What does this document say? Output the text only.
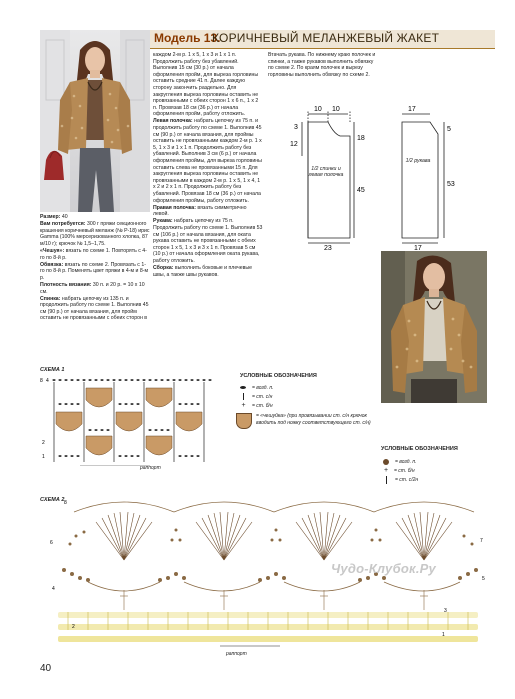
Модель 13.
КОРИЧНЕВЫЙ МЕЛАНЖЕВЫЙ ЖАКЕТ

Размер: 40

Вам потребуется: 300 г пряжи секционного крашения коричневый меланж (№ Р-18) ирис Gamma (100% мерсеризованного хлопка, 87 м/10 г); крючок № 1,5–1,75.

«Чешуя»: вязать по схеме 1. Повторять с 4-го по 8-й р.

Обвязка: вязать по схеме 2. Провязать с 1-го по 8-й р. Поменять цвет пряжи в 4-м и 8-м р.

Плотность вязания: 30 п. и 20 р. = 10 х 10 см.

Спинка: набрать цепочку из 135 п. и продолжить работу по схеме 1. Выполнив 45 см (90 р.) от начала вязания, для пройм оставить не провязанными с обеих сторон в

каждом 2-м р. 1 х 5, 1 х 3 и 1 х 1 п. Продолжить работу без убавлений. Выполнив 15 см (30 р.) от начала оформления пройм, для выреза горловины оставить средние 41 п. Далее каждую сторону закончить раздельно. Для закругления выреза горловины оставить не провязанными с обеих сторон 1 х 6 п., 1 х 2 п. Провязав 18 см (36 р.) от начала оформления пройм, работу отложить.

Левая полочка: набрать цепочку из 75 п. и продолжить работу по схеме 1. Выполнив 45 см (90 р.) от начала вязания, для проймы оставить не провязанными каждом 2-м р. 1 х 5, 1 х 3 и 1 х 1 п. Продолжить работу без убавлений. Выполнив 3 см (6 р.) от начала оформления проймы, для выреза горловины оставить слева не провязанными 15 п. Для закругления выреза горловины оставить не провязанными в каждом 2-м р. 1 х 5, 1 х 4, 1 х 2 и 2 х 1 п. Продолжить работу без убавлений. Провязав 18 см (36 р.) от начала оформления проймы, работу отложить.

Правая полочка: вязать симметрично левой.

Рукава: набрать цепочку из 75 п. Продолжить работу по схеме 1. Выполнив 53 см (106 р.) от начала вязания, для оката рукава оставить не провязанными с обеих сторон 1 х 5, 1 х 3 и 3 х 1 п. Провязав 5 см (10 р.) от начала оформления оката рукава, работу отложить.

Сборка: выполнить боковые и плечевые швы, а также швы рукавов.

Втачать рукава. По нижнему краю полочек и спинки, а также рукавов выполнить обвязку по схеме 2. По краям полочек и вырезу горловины выполнить обвязку по схеме 2.

10 10
3
12
18
45
23
17
5
53
17
1/2 спинки и левая полочка
1/2 рукава
СХЕМА 1
8 4
2
1
раппорт
УСЛОВНЫЕ ОБОЗНАЧЕНИЯ
= возд. п.
= ст. с/н
+ = ст. б/н
= «чешуйка» (при провязывании ст. с/н крючок вводить под ножку соответствующего ст. с/н)
УСЛОВНЫЕ ОБОЗНАЧЕНИЯ
= возд. п.
+	= ст. б/н
= ст. с/2н
СХЕМА 2 8
7
6
5
4
3
2
1
раппорт
Чудо-Клубок.Ру
40
